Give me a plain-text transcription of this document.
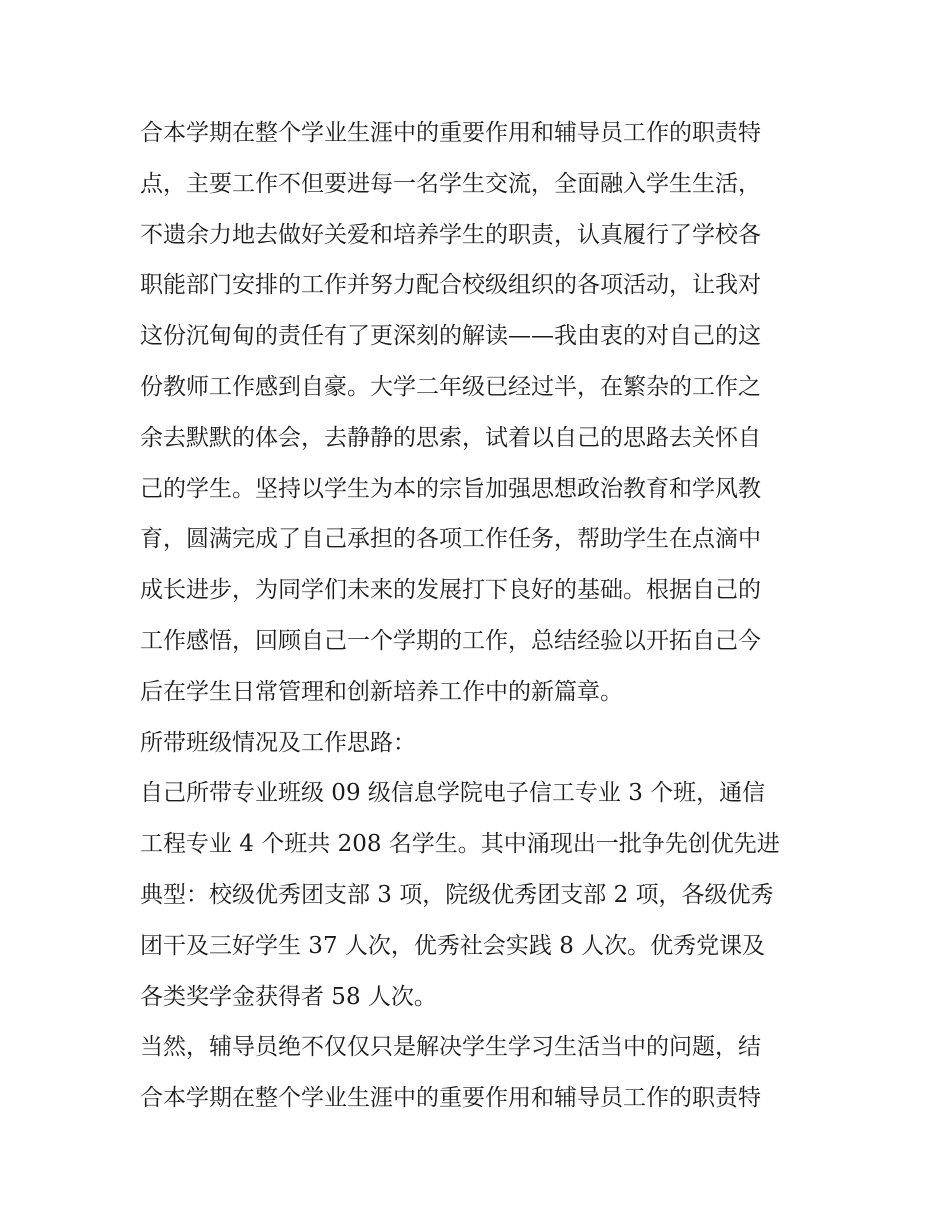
合本学期在整个学业生涯中的重要作用和辅导员工作的职责特

点，主要工作不但要进每一名学生交流，全面融入学生生活，

不遗余力地去做好关爱和培养学生的职责，认真履行了学校各

职能部门安排的工作并努力配合校级组织的各项活动，让我对

这份沉甸甸的责任有了更深刻的解读——我由衷的对自己的这

份教师工作感到自豪。大学二年级已经过半，在繁杂的工作之

余去默默的体会，去静静的思索，试着以自己的思路去关怀自

己的学生。坚持以学生为本的宗旨加强思想政治教育和学风教

育，圆满完成了自己承担的各项工作任务，帮助学生在点滴中

成长进步，为同学们未来的发展打下良好的基础。根据自己的

工作感悟，回顾自己一个学期的工作，总结经验以开拓自己今

后在学生日常管理和创新培养工作中的新篇章。

所带班级情况及工作思路：

自己所带专业班级 09 级信息学院电子信工专业 3 个班，通信

工程专业 4 个班共 208 名学生。其中涌现出一批争先创优先进

典型：校级优秀团支部 3 项，院级优秀团支部 2 项，各级优秀

团干及三好学生 37 人次，优秀社会实践 8 人次。优秀党课及

各类奖学金获得者 58 人次。

当然，辅导员绝不仅仅只是解决学生学习生活当中的问题，结

合本学期在整个学业生涯中的重要作用和辅导员工作的职责特
